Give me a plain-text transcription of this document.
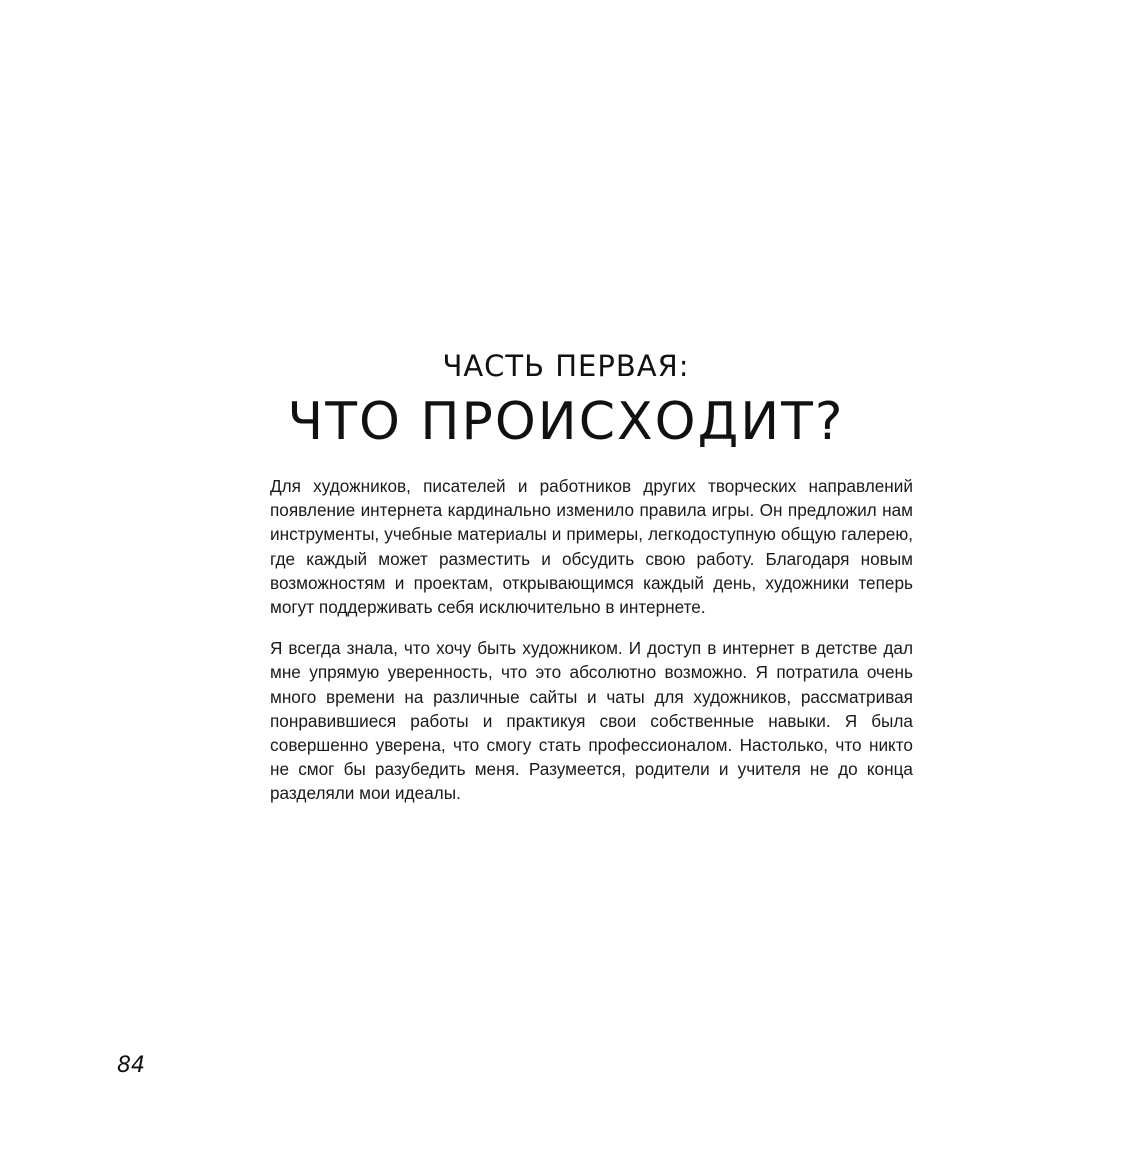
ЧАСТЬ ПЕРВАЯ:
ЧТО ПРОИСХОДИТ?

Для художников, писателей и работников других творческих направлений появление интернета кардинально изменило правила игры. Он предложил нам инструменты, учебные материалы и примеры, легкодоступную общую галерею, где каждый может разместить и обсудить свою работу. Благодаря новым возможностям и проектам, открывающимся каждый день, художники теперь могут поддерживать себя исключительно в интернете.

Я всегда знала, что хочу быть художником. И доступ в интернет в детстве дал мне упрямую уверенность, что это абсолютно возможно. Я потратила очень много времени на различные сайты и чаты для художников, рассматривая понравившиеся работы и практикуя свои собственные навыки. Я была совершенно уверена, что смогу стать профессионалом. Настолько, что никто не смог бы разубедить меня. Разумеется, родители и учителя не до конца разделяли мои идеалы.

84
